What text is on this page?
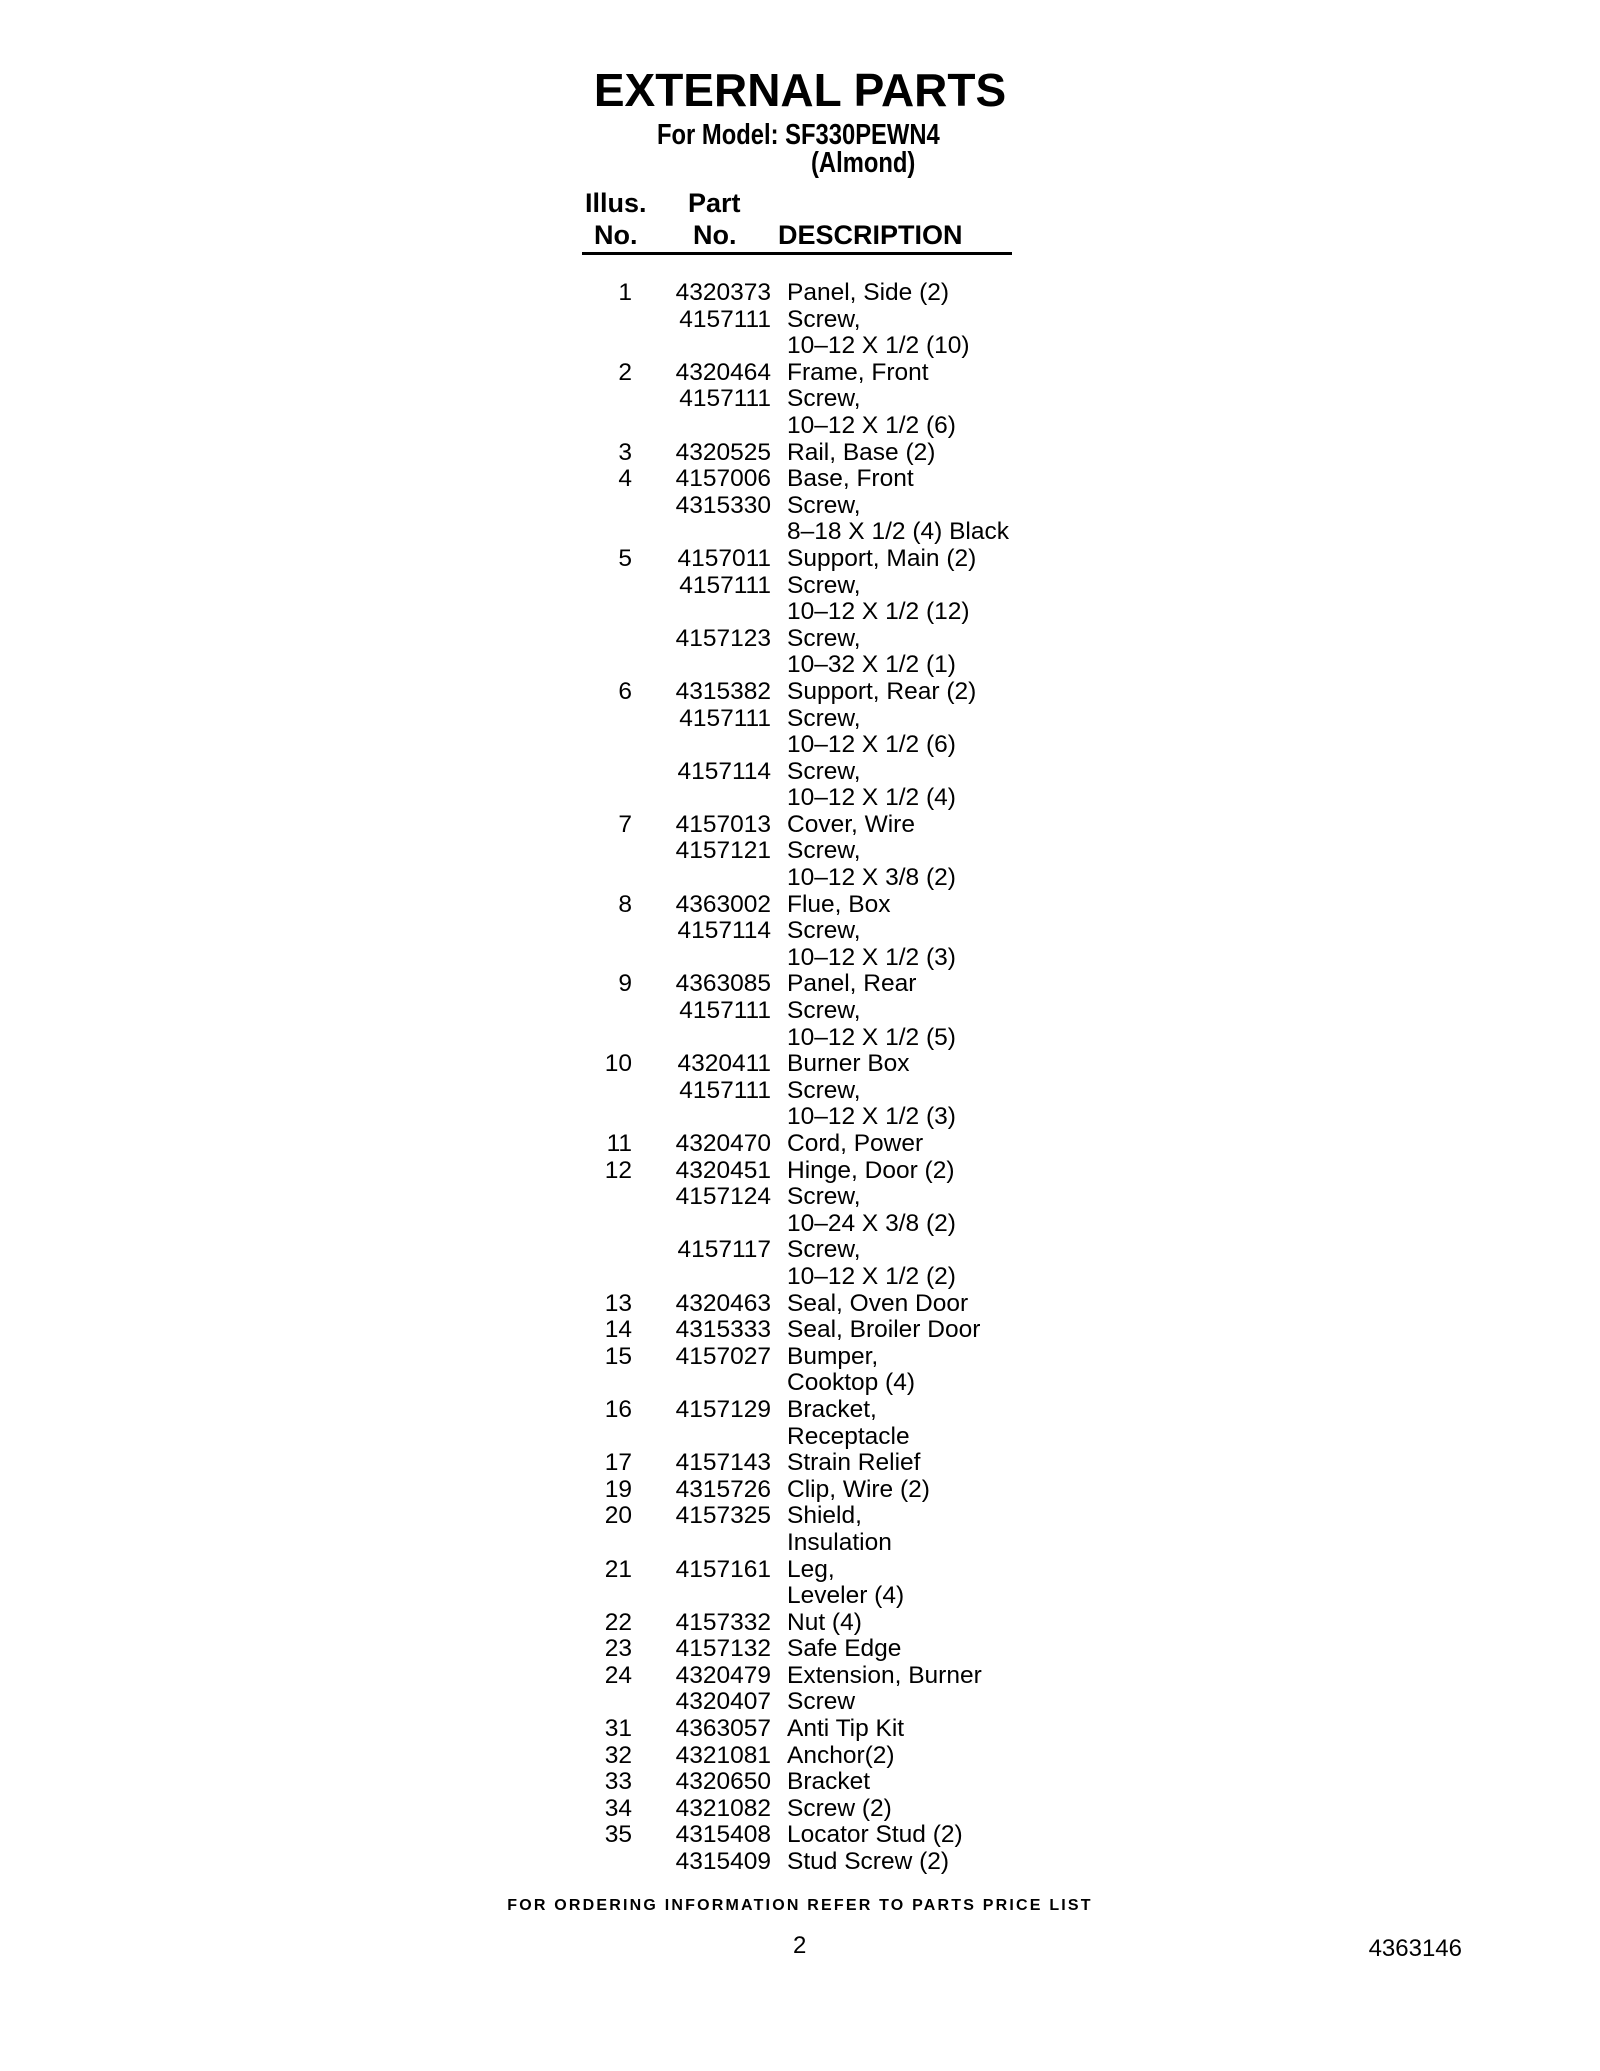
EXTERNAL PARTS
For Model: SF330PEWN4
(Almond)
Illus.
No.
Part
No. DESCRIPTION
1 4320373 Panel, Side (2)
4157111 Screw,
10–12 X 1/2 (10)
2 4320464 Frame, Front
4157111 Screw,
10–12 X 1/2 (6)
3 4320525 Rail, Base (2)
4 4157006 Base, Front
4315330 Screw,
8–18 X 1/2 (4) Black
5 4157011 Support, Main (2)
4157111 Screw,
10–12 X 1/2 (12)
4157123 Screw,
10–32 X 1/2 (1)
6 4315382 Support, Rear (2)
4157111 Screw,
10–12 X 1/2 (6)
4157114 Screw,
10–12 X 1/2 (4)
7 4157013 Cover, Wire
4157121 Screw,
10–12 X 3/8 (2)
8 4363002 Flue, Box
4157114 Screw,
10–12 X 1/2 (3)
9 4363085 Panel, Rear
4157111 Screw,
10–12 X 1/2 (5)
10 4320411 Burner Box
4157111 Screw,
10–12 X 1/2 (3)
11 4320470 Cord, Power
12 4320451 Hinge, Door (2)
4157124 Screw,
10–24 X 3/8 (2)
4157117 Screw,
10–12 X 1/2 (2)
13 4320463 Seal, Oven Door
14 4315333 Seal, Broiler Door
15 4157027 Bumper,
Cooktop (4)
16 4157129 Bracket,
Receptacle
17 4157143 Strain Relief
19 4315726 Clip, Wire (2)
20 4157325 Shield,
Insulation
21 4157161 Leg,
Leveler (4)
22 4157332 Nut (4)
23 4157132 Safe Edge
24 4320479 Extension, Burner
4320407 Screw
31 4363057 Anti Tip Kit
32 4321081 Anchor(2)
33 4320650 Bracket
34 4321082 Screw (2)
35 4315408 Locator Stud (2)
4315409 Stud Screw (2)
FOR ORDERING INFORMATION REFER TO PARTS PRICE LIST
2	4363146
